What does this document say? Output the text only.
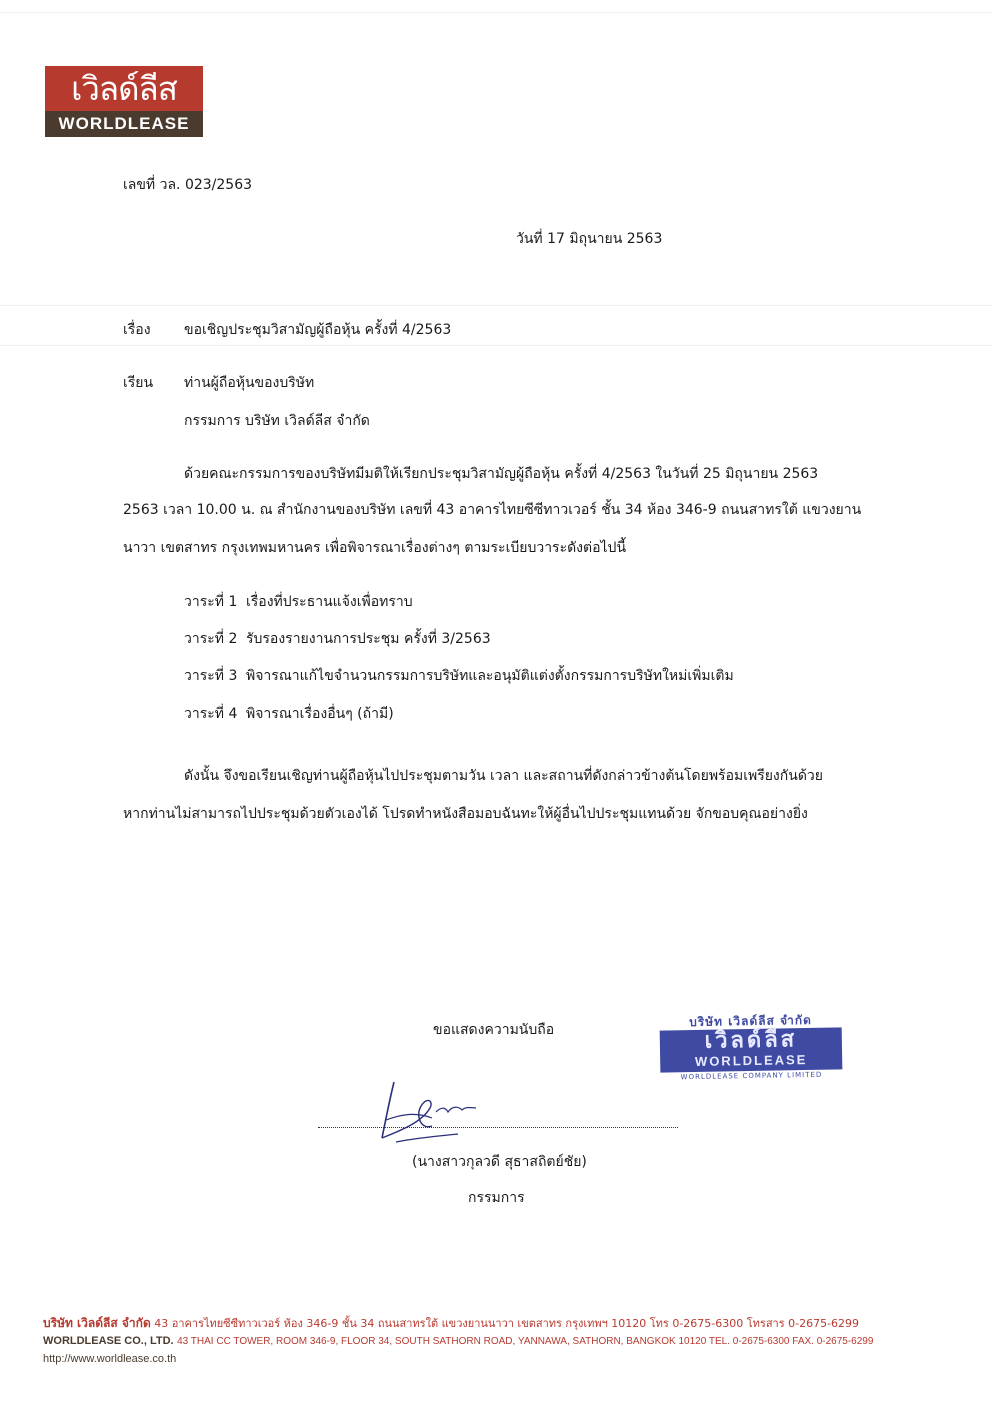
เวิลด์ลีส
WORLDLEASE
เลขที่ วล. 023/2563
วันที่ 17 มิถุนายน 2563
เรื่อง ขอเชิญประชุมวิสามัญผู้ถือหุ้น ครั้งที่ 4/2563
เรียน ท่านผู้ถือหุ้นของบริษัท
กรรมการ บริษัท เวิลด์ลีส จำกัด
ด้วยคณะกรรมการของบริษัทมีมติให้เรียกประชุมวิสามัญผู้ถือหุ้น ครั้งที่ 4/2563 ในวันที่ 25 มิถุนายน 2563
2563 เวลา 10.00 น. ณ สำนักงานของบริษัท เลขที่ 43 อาคารไทยซีซีทาวเวอร์ ชั้น 34 ห้อง 346-9 ถนนสาทรใต้ แขวงยาน
นาวา เขตสาทร กรุงเทพมหานคร เพื่อพิจารณาเรื่องต่างๆ ตามระเบียบวาระดังต่อไปนี้
วาระที่ 1 เรื่องที่ประธานแจ้งเพื่อทราบ
วาระที่ 2 รับรองรายงานการประชุม ครั้งที่ 3/2563
วาระที่ 3 พิจารณาแก้ไขจำนวนกรรมการบริษัทและอนุมัติแต่งตั้งกรรมการบริษัทใหม่เพิ่มเติม
วาระที่ 4 พิจารณาเรื่องอื่นๆ (ถ้ามี)
ดังนั้น จึงขอเรียนเชิญท่านผู้ถือหุ้นไปประชุมตามวัน เวลา และสถานที่ดังกล่าวข้างต้นโดยพร้อมเพรียงกันด้วย
หากท่านไม่สามารถไปประชุมด้วยตัวเองได้ โปรดทำหนังสือมอบฉันทะให้ผู้อื่นไปประชุมแทนด้วย จักขอบคุณอย่างยิ่ง
ขอแสดงความนับถือ
บริษัท เวิลด์ลีส จำกัด
เวิลด์ลีส
WORLDLEASE
WORLDLEASE COMPANY LIMITED
(นางสาวกุลวดี สุธาสถิตย์ชัย)
กรรมการ
บริษัท เวิลด์ลีส จำกัด 43 อาคารไทยซีซีทาวเวอร์ ห้อง 346-9 ชั้น 34 ถนนสาทรใต้ แขวงยานนาวา เขตสาทร กรุงเทพฯ 10120 โทร 0-2675-6300 โทรสาร 0-2675-6299
WORLDLEASE CO., LTD. 43 THAI CC TOWER, ROOM 346-9, FLOOR 34, SOUTH SATHORN ROAD, YANNAWA, SATHORN, BANGKOK 10120 TEL. 0-2675-6300 FAX. 0-2675-6299
http://www.worldlease.co.th
